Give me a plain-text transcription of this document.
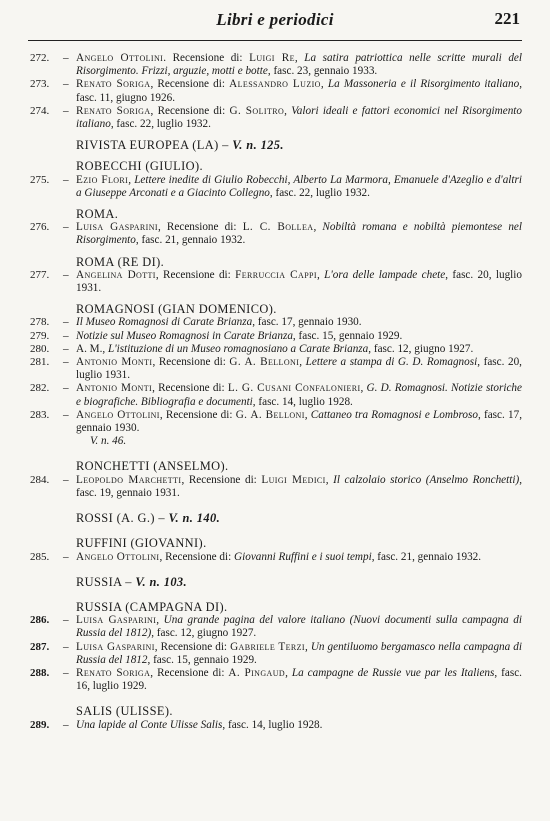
Libri e periodici	221
272.	– Angelo Ottolini. Recensione di: Luigi Re, La satira patriottica nelle scritte murali del Risorgimento. Frizzi, arguzie, motti e botte, fasc. 23, gennaio 1933.
273.	– Renato Soriga, Recensione di: Alessandro Luzio, La Massoneria e il Risorgimento italiano, fasc. 11, giugno 1926.
274.	– Renato Soriga, Recensione di: G. Solitro, Valori ideali e fattori economici nel Risorgimento italiano, fasc. 22, luglio 1932.
RIVISTA EUROPEA (LA) – V. n. 125.
ROBECCHI (GIULIO).
275.	– Ezio Flori, Lettere inedite di Giulio Robecchi, Alberto La Marmora, Emanuele d'Azeglio e d'altri a Giuseppe Arconati e a Giacinto Collegno, fasc. 22, luglio 1932.
ROMA.
276.	– Luisa Gasparini, Recensione di: L. C. Bollea, Nobiltà romana e nobiltà piemontese nel Risorgimento, fasc. 21, gennaio 1932.
ROMA (RE DI).
277.	– Angelina Dotti, Recensione di: Ferruccia Cappi, L'ora delle lampade chete, fasc. 20, luglio 1931.
ROMAGNOSI (GIAN DOMENICO).
278.	– Il Museo Romagnosi di Carate Brianza, fasc. 17, gennaio 1930.
279.	– Notizie sul Museo Romagnosi in Carate Brianza, fasc. 15, gennaio 1929.
280.	– A. M., L'istituzione di un Museo romagnosiano a Carate Brianza, fasc. 12, giugno 1927.
281.	– Antonio Monti, Recensione di: G. A. Belloni, Lettere a stampa di G. D. Romagnosi, fasc. 20, luglio 1931.
282.	– Antonio Monti, Recensione di: L. G. Cusani Confalonieri, G. D. Romagnosi. Notizie storiche e biografiche. Bibliografia e documenti, fasc. 14, luglio 1928.
283.	– Angelo Ottolini, Recensione di: G. A. Belloni, Cattaneo tra Romagnosi e Lombroso, fasc. 17, gennaio 1930.
V. n. 46.
RONCHETTI (ANSELMO).
284.	– Leopoldo Marchetti, Recensione di: Luigi Medici, Il calzolaio storico (Anselmo Ronchetti), fasc. 19, gennaio 1931.
ROSSI (A. G.) – V. n. 140.
RUFFINI (GIOVANNI).
285.	– Angelo Ottolini, Recensione di: Giovanni Ruffini e i suoi tempi, fasc. 21, gennaio 1932.
RUSSIA – V. n. 103.
RUSSIA (CAMPAGNA DI).
286.	– Luisa Gasparini, Una grande pagina del valore italiano (Nuovi documenti sulla campagna di Russia del 1812), fasc. 12, giugno 1927.
287.	– Luisa Gasparini, Recensione di: Gabriele Terzi, Un gentiluomo bergamasco nella campagna di Russia del 1812, fasc. 15, gennaio 1929.
288.	– Renato Soriga, Recensione di: A. Pingaud, La campagne de Russie vue par les Italiens, fasc. 16, luglio 1929.
SALIS (ULISSE).
289.	– Una lapide al Conte Ulisse Salis, fasc. 14, luglio 1928.
